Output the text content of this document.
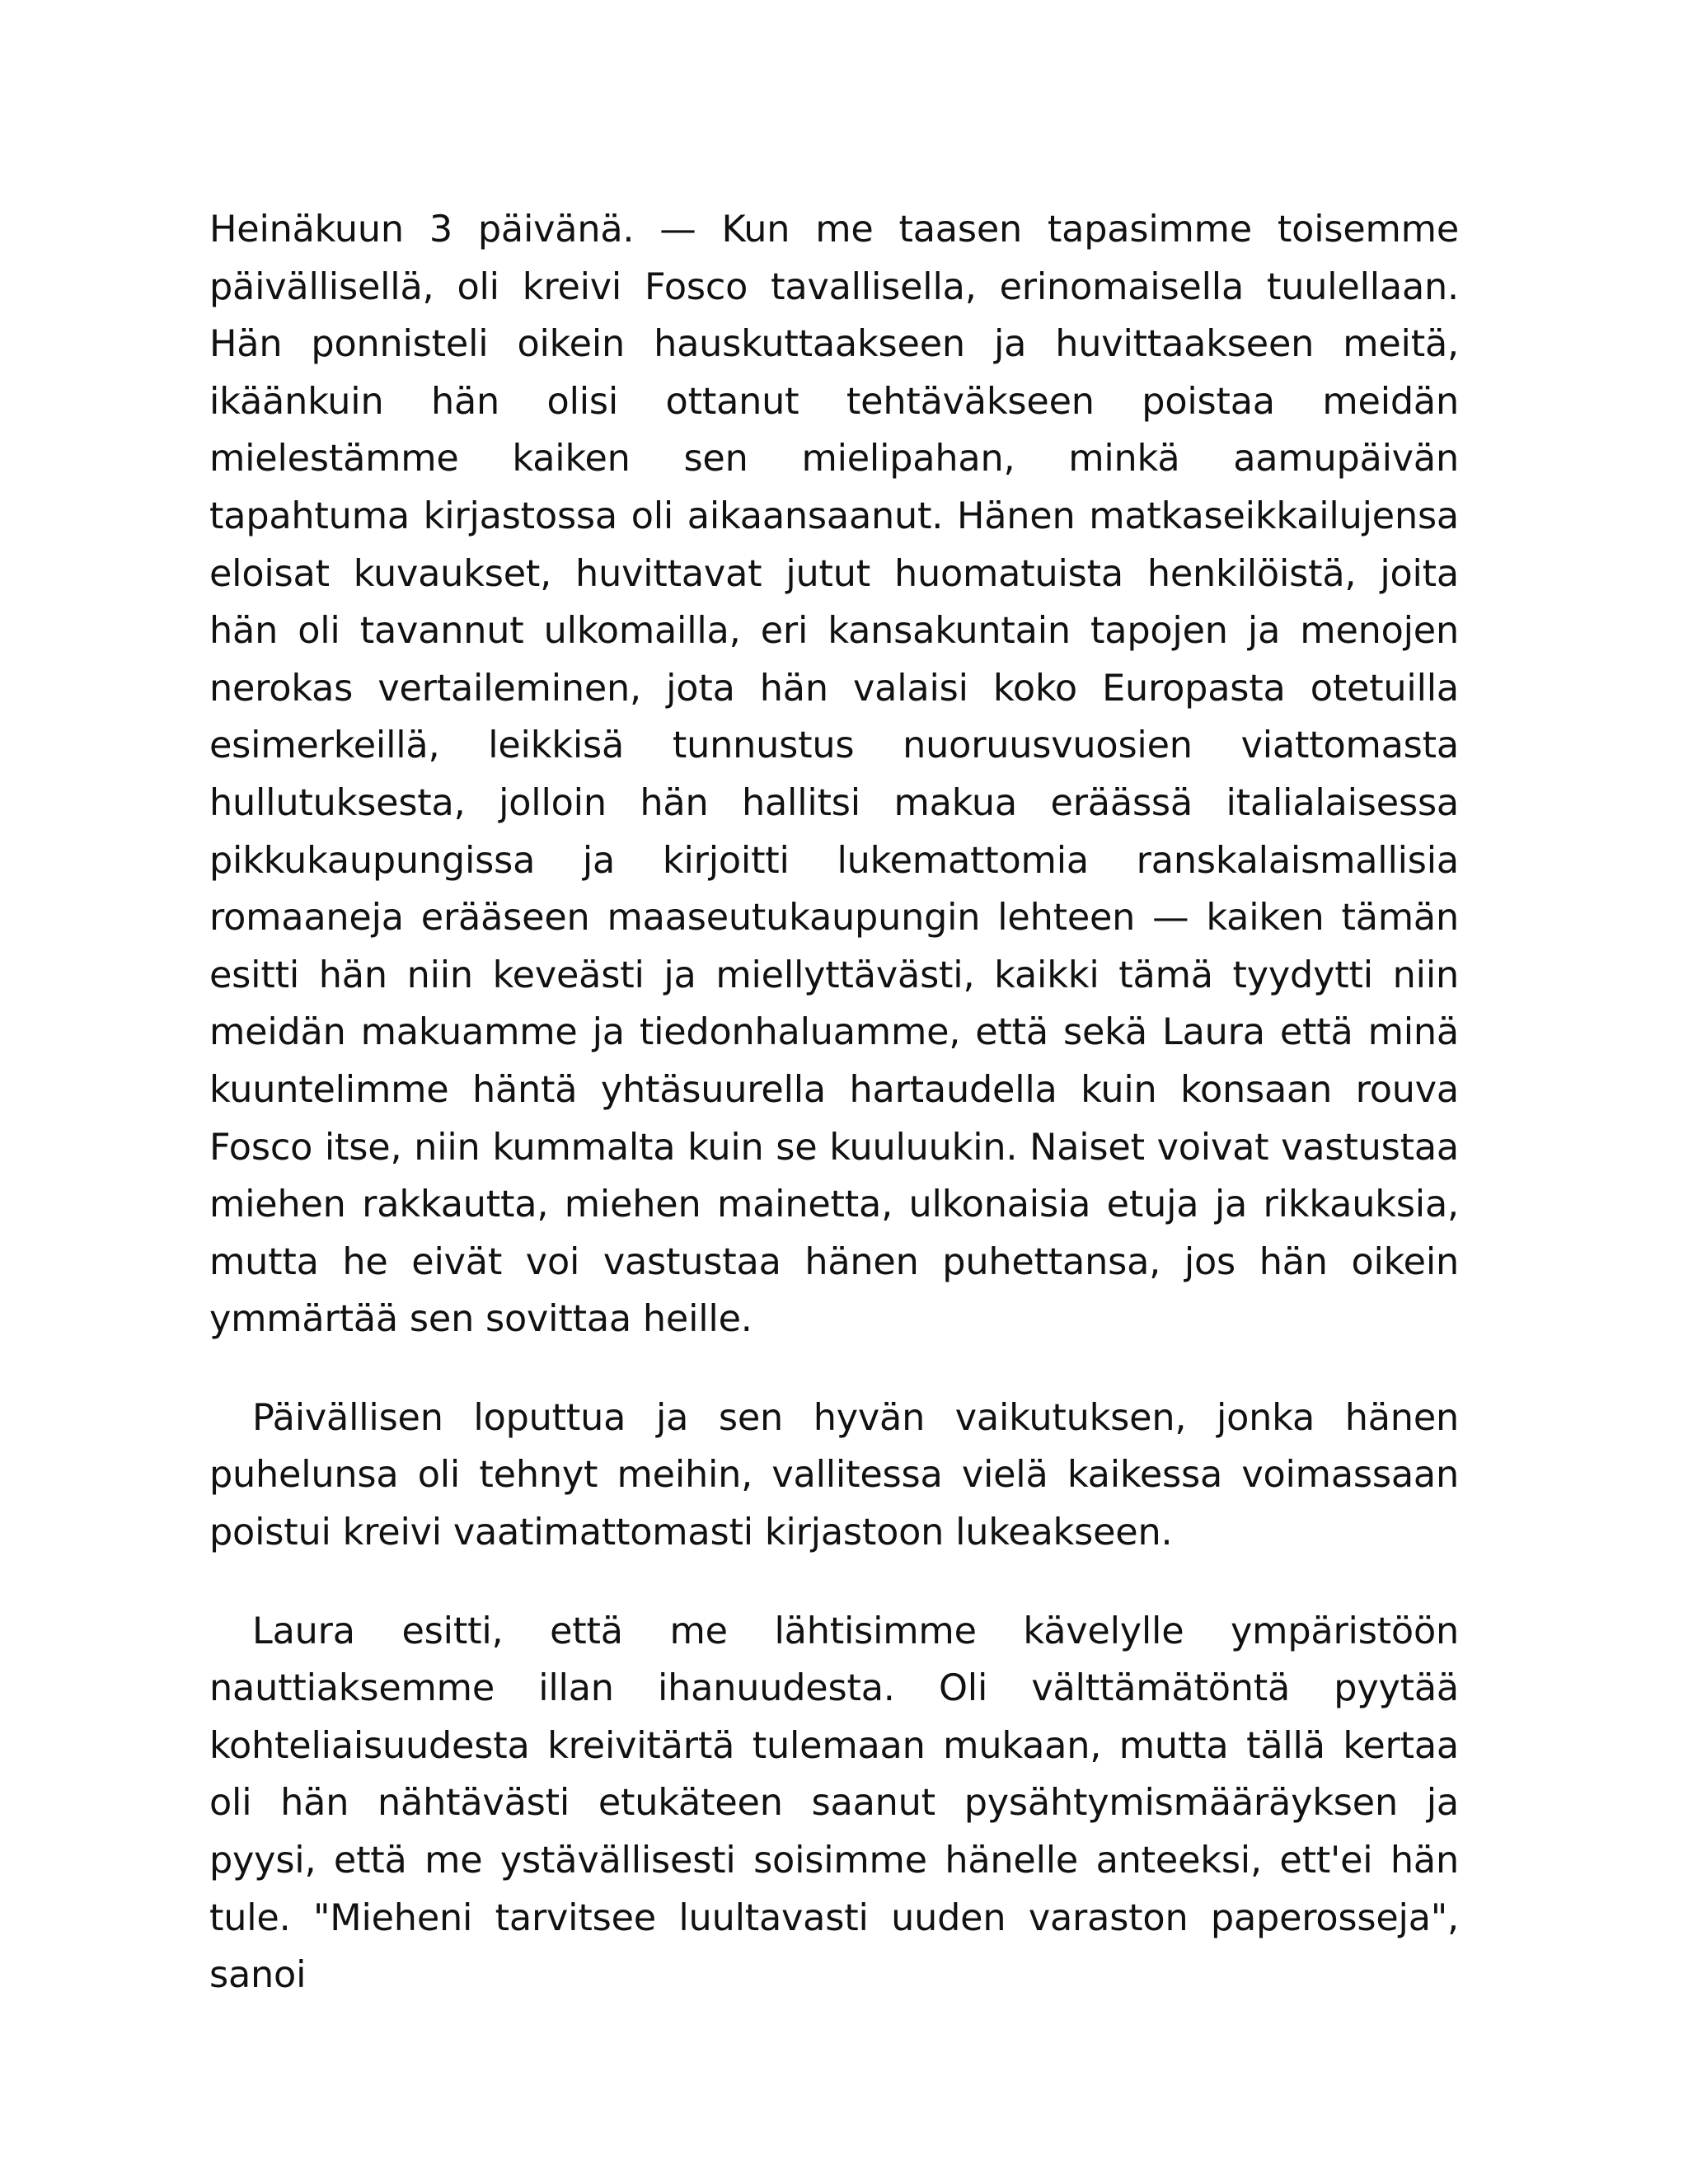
Heinäkuun 3 päivänä. — Kun me taasen tapasimme toisemme päivällisellä, oli kreivi Fosco tavallisella, erinomaisella tuulellaan. Hän ponnisteli oikein hauskuttaakseen ja huvittaakseen meitä, ikäänkuin hän olisi ottanut tehtäväkseen poistaa meidän mielestämme kaiken sen mielipahan, minkä aamupäivän tapahtuma kirjastossa oli aikaansaanut. Hänen matkaseikkailujensa eloisat kuvaukset, huvittavat jutut huomatuista henkilöistä, joita hän oli tavannut ulkomailla, eri kansakuntain tapojen ja menojen nerokas vertaileminen, jota hän valaisi koko Europasta otetuilla esimerkeillä, leikkisä tunnustus nuoruusvuosien viattomasta hullutuksesta, jolloin hän hallitsi makua eräässä italialaisessa pikkukaupungissa ja kirjoitti lukemattomia ranskalaismallisia romaaneja erääseen maaseutukaupungin lehteen — kaiken tämän esitti hän niin keveästi ja miellyttävästi, kaikki tämä tyydytti niin meidän makuamme ja tiedonhaluamme, että sekä Laura että minä kuuntelimme häntä yhtäsuurella hartaudella kuin konsaan rouva Fosco itse, niin kummalta kuin se kuuluukin. Naiset voivat vastustaa miehen rakkautta, miehen mainetta, ulkonaisia etuja ja rikkauksia, mutta he eivät voi vastustaa hänen puhettansa, jos hän oikein ymmärtää sen sovittaa heille.

Päivällisen loputtua ja sen hyvän vaikutuksen, jonka hänen puhelunsa oli tehnyt meihin, vallitessa vielä kaikessa voimassaan poistui kreivi vaatimattomasti kirjastoon lukeakseen.

Laura esitti, että me lähtisimme kävelylle ympäristöön nauttiaksemme illan ihanuudesta. Oli välttämätöntä pyytää kohteliaisuudesta kreivitärtä tulemaan mukaan, mutta tällä kertaa oli hän nähtävästi etukäteen saanut pysähtymismääräyksen ja pyysi, että me ystävällisesti soisimme hänelle anteeksi, ett'ei hän tule. "Mieheni tarvitsee luultavasti uuden varaston paperosseja", sanoi
